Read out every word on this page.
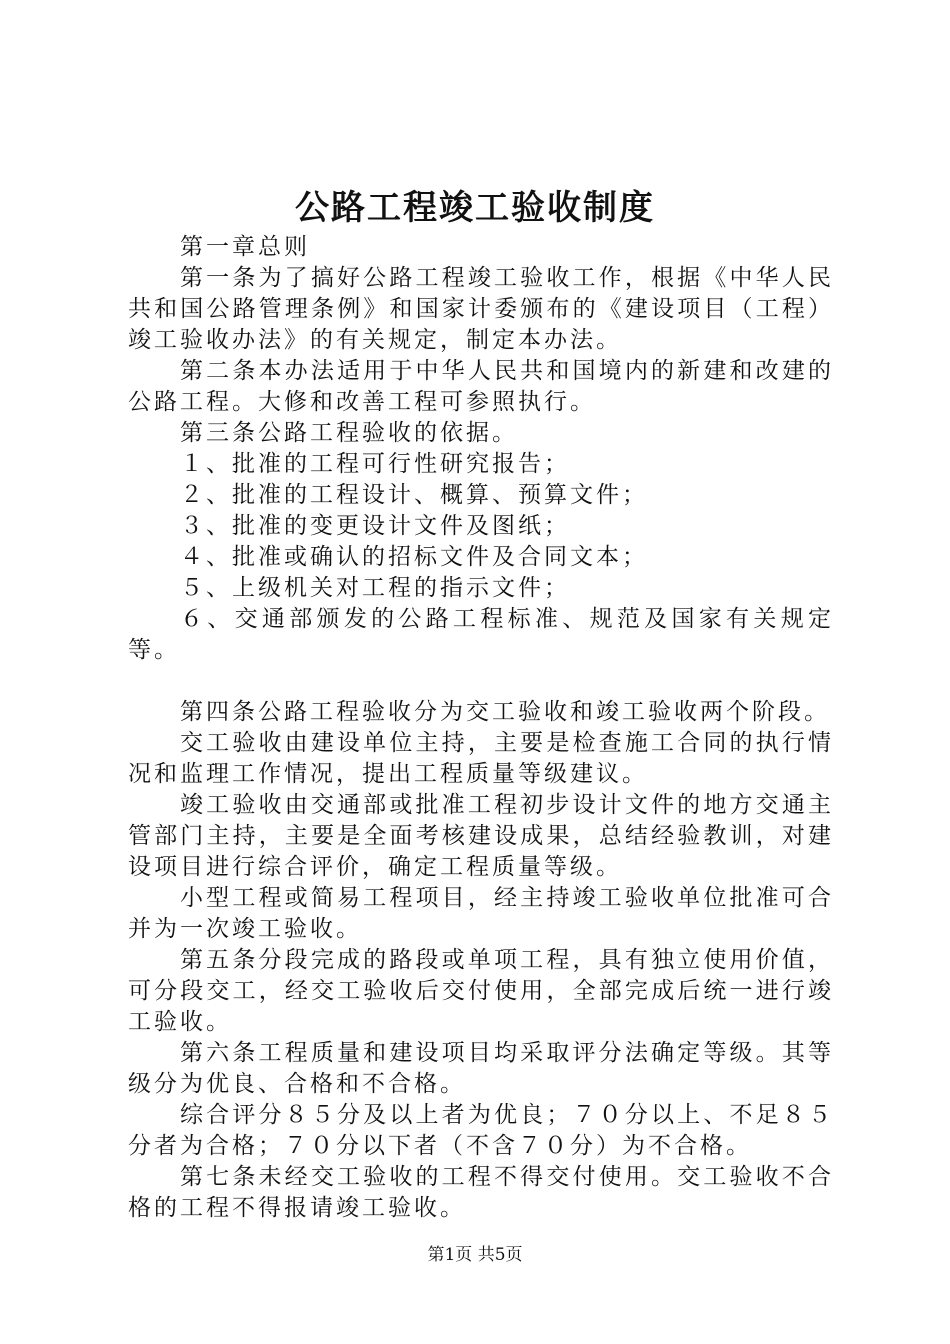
公路工程竣工验收制度

第一章总则

第一条为了搞好公路工程竣工验收工作，根据《中华人民共和国公路管理条例》和国家计委颁布的《建设项目（工程）竣工验收办法》的有关规定，制定本办法。

第二条本办法适用于中华人民共和国境内的新建和改建的公路工程。大修和改善工程可参照执行。

第三条公路工程验收的依据。

１、批准的工程可行性研究报告；

２、批准的工程设计、概算、预算文件；

３、批准的变更设计文件及图纸；

４、批准或确认的招标文件及合同文本；

５、上级机关对工程的指示文件；

６、交通部颁发的公路工程标准、规范及国家有关规定等。

第四条公路工程验收分为交工验收和竣工验收两个阶段。

交工验收由建设单位主持，主要是检查施工合同的执行情况和监理工作情况，提出工程质量等级建议。

竣工验收由交通部或批准工程初步设计文件的地方交通主管部门主持，主要是全面考核建设成果，总结经验教训，对建设项目进行综合评价，确定工程质量等级。

小型工程或简易工程项目，经主持竣工验收单位批准可合并为一次竣工验收。

第五条分段完成的路段或单项工程，具有独立使用价值，可分段交工，经交工验收后交付使用，全部完成后统一进行竣工验收。

第六条工程质量和建设项目均采取评分法确定等级。其等级分为优良、合格和不合格。

综合评分８５分及以上者为优良；７０分以上、不足８５分者为合格；７０分以下者（不含７０分）为不合格。

第七条未经交工验收的工程不得交付使用。交工验收不合格的工程不得报请竣工验收。

第1页 共5页
